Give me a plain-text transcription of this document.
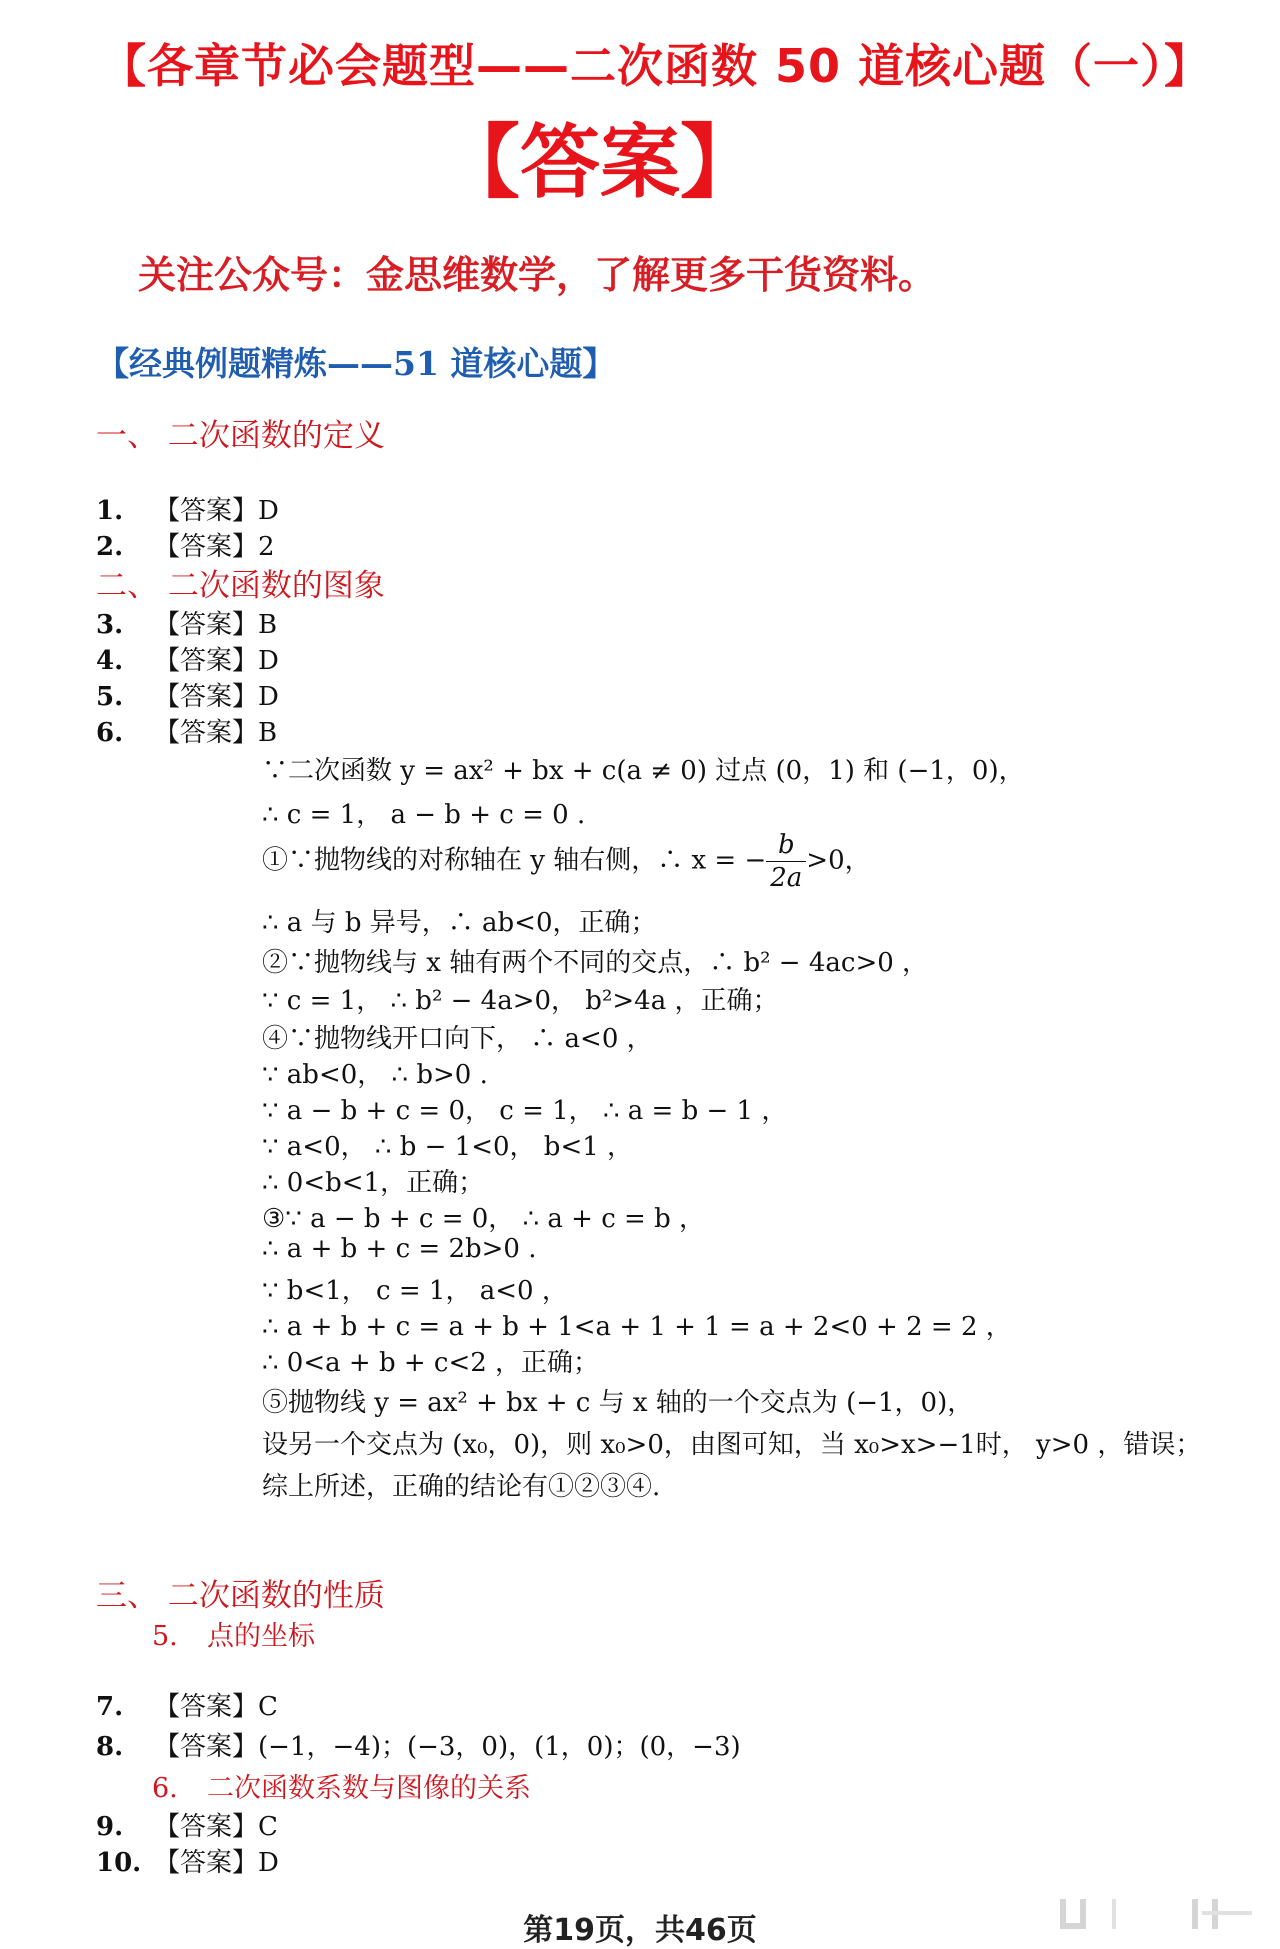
【各章节必会题型——二次函数 50 道核心题（一）】
【答案】
关注公众号：金思维数学，了解更多干货资料。
【经典例题精炼——51 道核心题】
一、 二次函数的定义
1. 【答案】D
2. 【答案】2
二、 二次函数的图象
3. 【答案】B
4. 【答案】D
5. 【答案】D
6. 【答案】B
∵二次函数 y = ax² + bx + c(a ≠ 0) 过点 (0，1) 和 (−1，0)，
∴ c = 1， a − b + c = 0 .
①∵抛物线的对称轴在 y 轴右侧，∴ x = − $\frac{b}{2a} >0$，
∴ a 与 b 异号，∴ ab<0，正确；
②∵抛物线与 x 轴有两个不同的交点，∴ b² − 4ac>0 ，
∵ c = 1， ∴ b² − 4a>0， b²>4a ，正确；
④∵抛物线开口向下， ∴ a<0 ，
∵ ab<0， ∴ b>0 .
∵ a − b + c = 0， c = 1， ∴ a = b − 1 ，
∵ a<0， ∴ b − 1<0， b<1 ，
∴ 0<b<1，正确；
③∵ a − b + c = 0， ∴ a + c = b ，
∴ a + b + c = 2b>0 .
∵ b<1， c = 1， a<0 ，
∴ a + b + c = a + b + 1<a + 1 + 1 = a + 2<0 + 2 = 2 ，
∴ 0<a + b + c<2 ，正确；
⑤抛物线 y = ax² + bx + c 与 x 轴的一个交点为 (−1，0)，
设另一个交点为 (x₀，0)，则 x₀>0，由图可知，当 x₀>x>−1时， y>0 ，错误；
综上所述，正确的结论有①②③④.
三、 二次函数的性质
5. 点的坐标
7. 【答案】C
8. 【答案】(−1，−4)；(−3，0)，(1，0)；(0，−3)
6. 二次函数系数与图像的关系
9. 【答案】C
10. 【答案】D
第19页，共46页
